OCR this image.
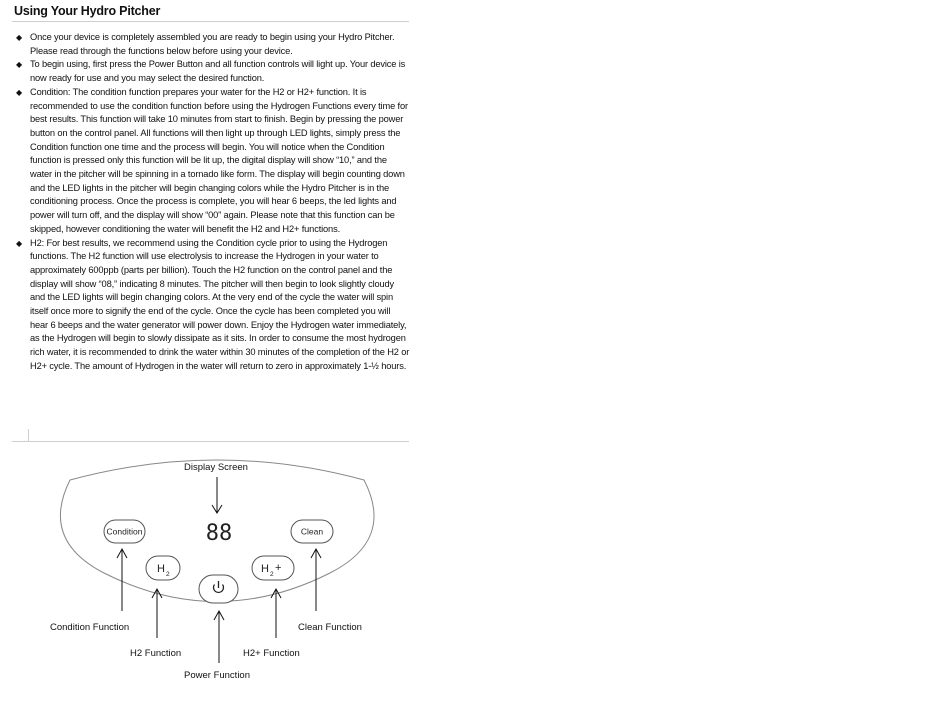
Using Your Hydro Pitcher
◆ Once your device is completely assembled you are ready to begin using your Hydro Pitcher. Please read through the functions below before using your device.
◆ To begin using, first press the Power Button and all function controls will light up. Your device is now ready for use and you may select the desired function.
◆ Condition: The condition function prepares your water for the H2 or H2+ function. It is recommended to use the condition function before using the Hydrogen Functions every time for best results. This function will take 10 minutes from start to finish. Begin by pressing the power button on the control panel. All functions will then light up through LED lights, simply press the Condition function one time and the process will begin. You will notice when the Condition function is pressed only this function will be lit up, the digital display will show “10,” and the water in the pitcher will be spinning in a tornado like form. The display will begin counting down and the LED lights in the pitcher will begin changing colors while the Hydro Pitcher is in the conditioning process. Once the process is complete, you will hear 6 beeps, the led lights and power will turn off, and the display will show “00” again. Please note that this function can be skipped, however conditioning the water will benefit the H2 and H2+ functions.
◆ H2: For best results, we recommend using the Condition cycle prior to using the Hydrogen functions. The H2 function will use electrolysis to increase the Hydrogen in your water to approximately 600ppb (parts per billion). Touch the H2 function on the control panel and the display will show “08,” indicating 8 minutes. The pitcher will then begin to look slightly cloudy and the LED lights will begin changing colors. At the very end of the cycle the water will spin itself once more to signify the end of the cycle. Once the cycle has been completed you will hear 6 beeps and the water generator will power down. Enjoy the Hydrogen water immediately, as the Hydrogen will begin to slowly dissipate as it sits. In order to consume the most hydrogen rich water, it is recommended to drink the water within 30 minutes of the completion of the H2 or H2+ cycle. The amount of Hydrogen in the water will return to zero in approximately 1-½ hours.
Display Screen
88
Condition	Clean
H 2	H 2
+
Condition Function	Clean Function
H2 Function	H2+ Function
Power Function
